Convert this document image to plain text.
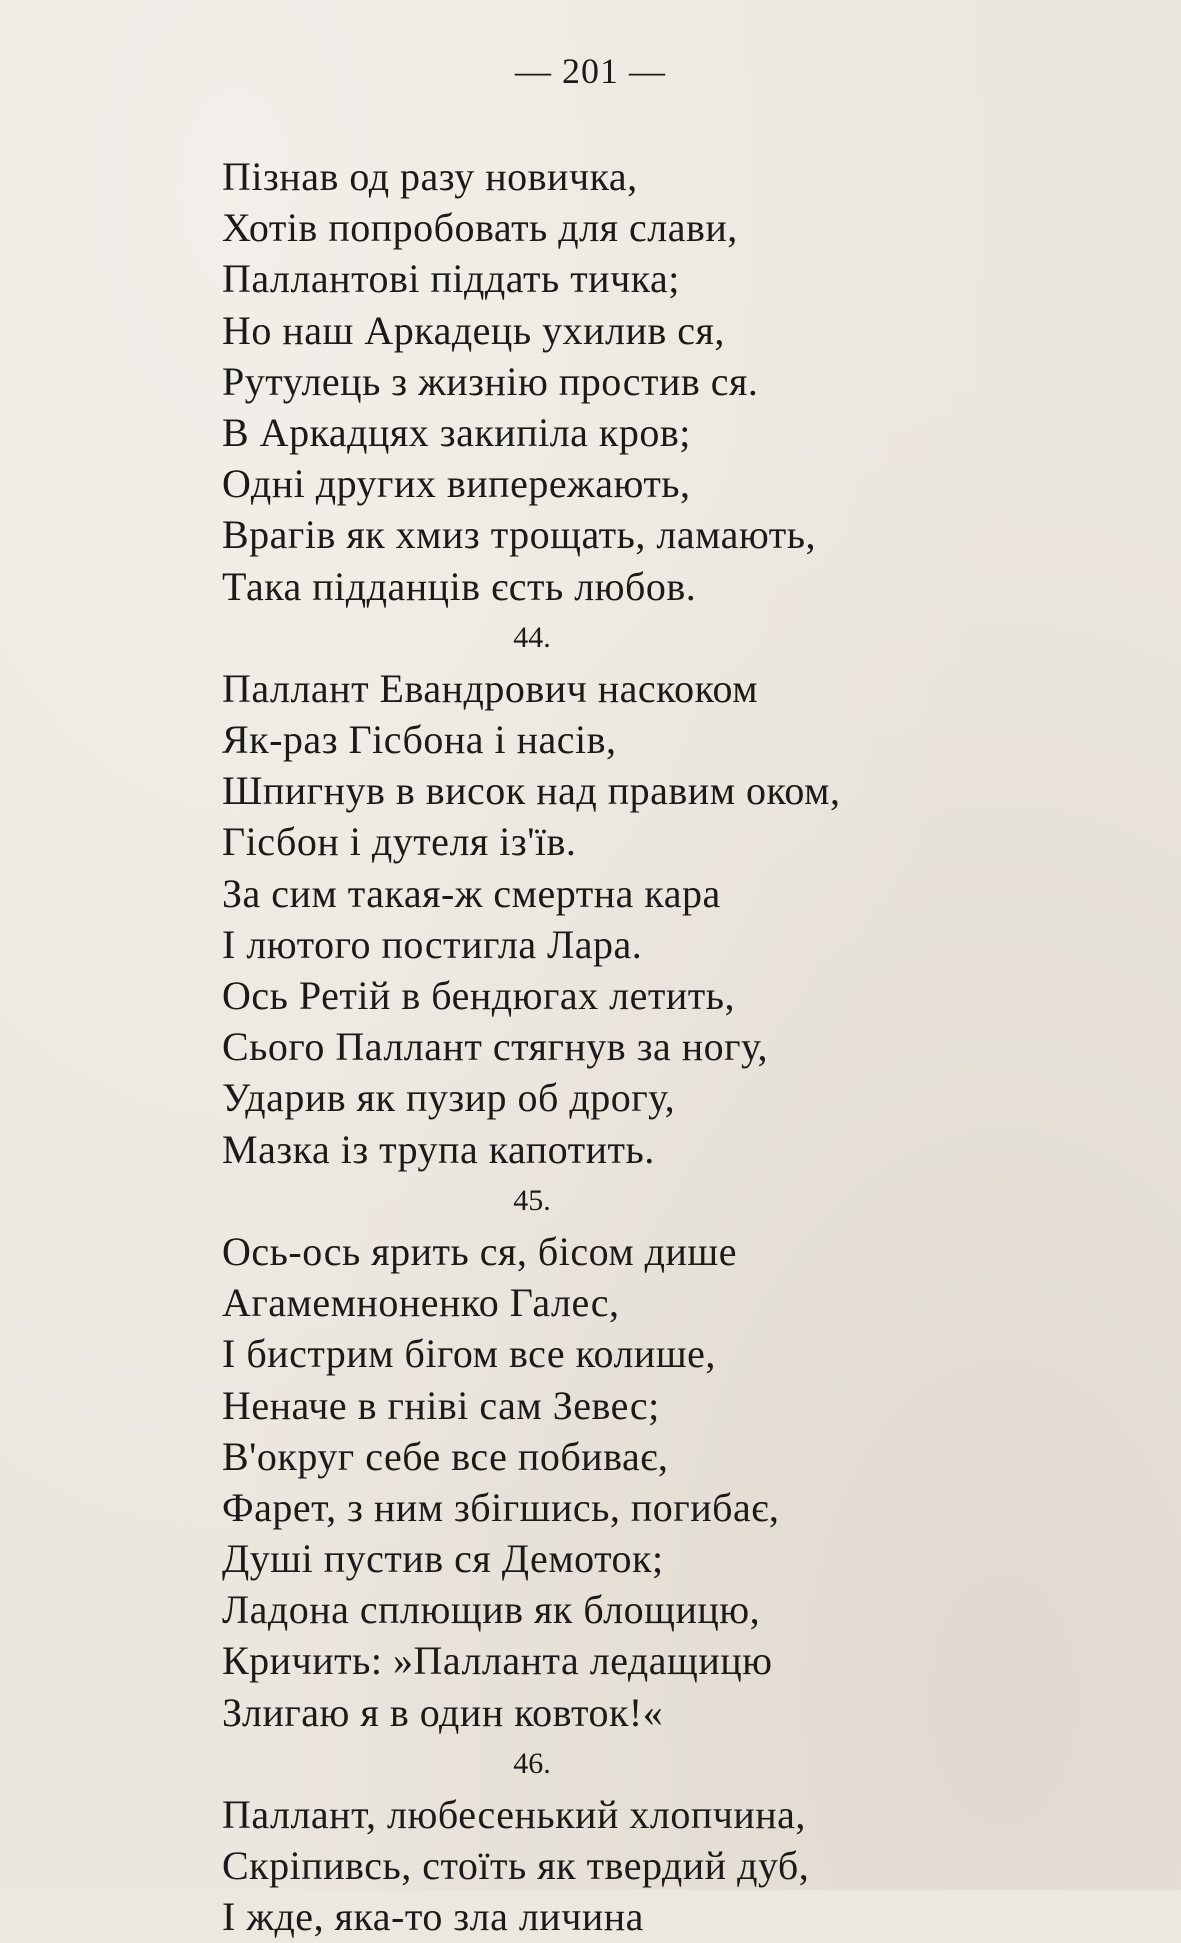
— 201 —
Пізнав од разу новичка,
Хотів попробовать для слави,
Паллантові піддать тичка;
Но наш Аркадець ухилив ся,
Рутулець з жизнію простив ся.
В Аркадцях закипіла кров;
Одні других випережають,
Врагів як хмиз трощать, ламають,
Така підданців єсть любов.
44.
Паллант Евандрович наскоком
Як-раз Гісбона і насів,
Шпигнув в висок над правим оком,
Гісбон і дутеля із'їв.
За сим такая-ж смертна кара
І лютого постигла Лара.
Ось Ретій в бендюгах летить,
Сього Паллант стягнув за ногу,
Ударив як пузир об дрогу,
Мазка із трупа капотить.
45.
Ось-ось ярить ся, бісом дише
Агамемноненко Галес,
І бистрим бігом все колише,
Неначе в гніві сам Зевес;
В'округ себе все побиває,
Фарет, з ним збігшись, погибає,
Душі пустив ся Демоток;
Ладона сплющив як блощицю,
Кричить: »Палланта ледащицю
Злигаю я в один ковток!«
46.
Паллант, любесенький хлопчина,
Скріпивсь, стоїть як твердий дуб,
І жде, яка-то зла личина
